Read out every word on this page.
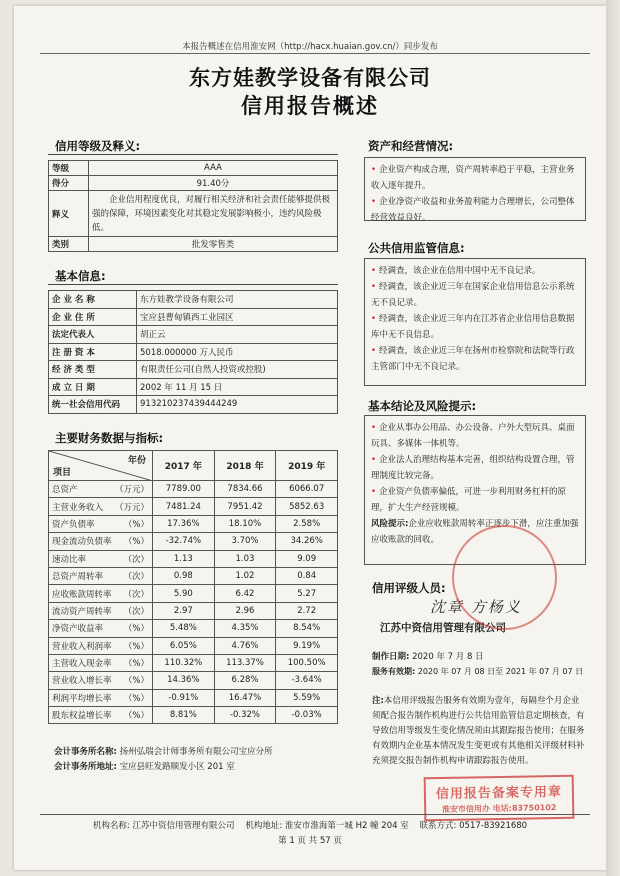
本报告概述在信用淮安网（http://hacx.huaian.gov.cn/）同步发布
东方娃教学设备有限公司
信用报告概述
信用等级及释义:
等级	AAA
得分	91.40分
释义	企业信用程度优良，对履行相关经济和社会责任能够提供极强的保障，环境因素变化对其稳定发展影响极小，违约风险极低。
类别	批发零售类
基本信息:
企 业 名 称	东方娃教学设备有限公司
企 业 住 所	宝应县曹甸镇西工业园区
法定代表人	胡正云
注 册 资 本	5018.000000 万人民币
经 济 类 型	有限责任公司(自然人投资或控股)
成 立 日 期	2002 年 11 月 15 日
统一社会信用代码	913210237439444249
主要财务数据与指标:
年份
项目	2017 年	2018 年	2019 年
总资产 （万元）	7789.00	7834.66	6066.07
主营业务收入 （万元）	7481.24	7951.42	5852.63
资产负债率 （%）	17.36%	18.10%	2.58%
现金流动负债率 （%）	-32.74%	3.70%	34.26%
速动比率 （次）	1.13	1.03	9.09
总资产周转率 （次）	0.98	1.02	0.84
应收账款周转率 （次）	5.90	6.42	5.27
流动资产周转率 （次）	2.97	2.96	2.72
净资产收益率 （%）	5.48%	4.35%	8.54%
营业收入利润率 （%）	6.05%	4.76%	9.19%
主营收入现金率 （%）	110.32%	113.37%	100.50%
营业收入增长率 （%）	14.36%	6.28%	-3.64%
利润平均增长率 （%）	-0.91%	16.47%	5.59%
股东权益增长率 （%）	8.81%	-0.32%	-0.03%
会计事务所名称: 扬州弘瑞会计师事务所有限公司宝应分所
会计事务所地址: 宝应县旺发路顺发小区 201 室
资产和经营情况:
• 企业资产构成合理，资产周转率趋于平稳，主营业务收入逐年提升。
• 企业净资产收益和业务盈利能力合理增长，公司整体经营效益良好。
公共信用监管信息:
• 经调查，该企业在信用中国中无不良记录。
• 经调查，该企业近三年在国家企业信用信息公示系统无不良记录。
• 经调查，该企业近三年内在江苏省企业信用信息数据库中无不良信息。
• 经调查，该企业近三年在扬州市检察院和法院等行政主管部门中无不良记录。
基本结论及风险提示:
• 企业从事办公用品、办公设备、户外大型玩具、桌面玩具、多媒体一体机等。
• 企业法人治理结构基本完善，组织结构设置合理，管理制度比较完备。
• 企业资产负债率偏低，可进一步利用财务杠杆的原理，扩大生产经营规模。
风险提示:企业应收账款周转率正逐步下滑，应注重加强应收账款的回收。
信用评级人员:
沈章 方杨义
江苏中资信用管理有限公司
制作日期: 2020 年 7 月 8 日
服务有效期: 2020 年 07 月 08 日至 2021 年 07 月 07 日
注:本信用评级报告服务有效期为壹年，每隔叁个月企业须配合报告制作机构进行公共信用监管信息定期核查，有导致信用等级发生变化情况须由其跟踪报告使用；在服务有效期内企业基本情况发生变更或有其他相关评级材料补充须提交报告制作机构申请跟踪报告使用。
信用报告备案专用章
淮安市信用办 电话:83750102
机构名称: 江苏中资信用管理有限公司 机构地址: 淮安市淮海第一城 H2 幢 204 室 联系方式: 0517-83921680
第 1 页 共 57 页
